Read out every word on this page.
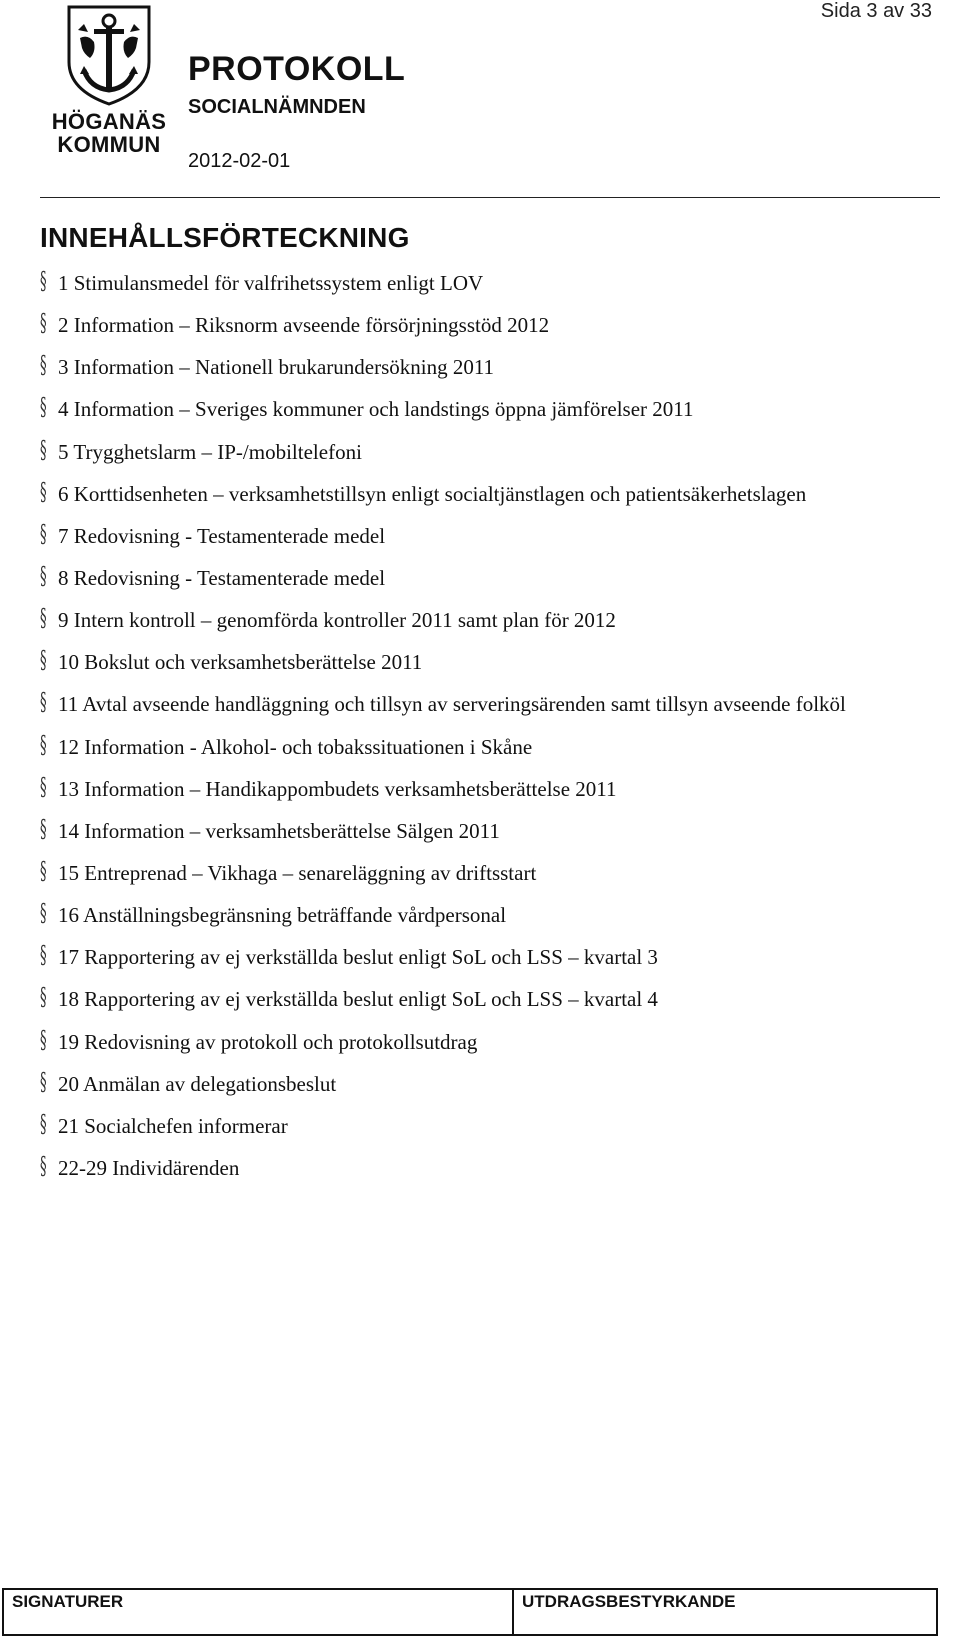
Sida 3 av 33
HÖGANÄS
KOMMUN
PROTOKOLL
SOCIALNÄMNDEN
2012-02-01
INNEHÅLLSFÖRTECKNING
§ 1 Stimulansmedel för valfrihetssystem enligt LOV
§ 2 Information – Riksnorm avseende försörjningsstöd 2012
§ 3 Information – Nationell brukarundersökning 2011
§ 4 Information – Sveriges kommuner och landstings öppna jämförelser 2011
§ 5 Trygghetslarm – IP-/mobiltelefoni
§ 6 Korttidsenheten – verksamhetstillsyn enligt socialtjänstlagen och patientsäkerhetslagen
§ 7 Redovisning - Testamenterade medel
§ 8 Redovisning - Testamenterade medel
§ 9 Intern kontroll – genomförda kontroller 2011 samt plan för 2012
§ 10 Bokslut och verksamhetsberättelse 2011
§ 11 Avtal avseende handläggning och tillsyn av serveringsärenden samt tillsyn avseende folköl
§ 12 Information - Alkohol- och tobakssituationen i Skåne
§ 13 Information – Handikappombudets verksamhetsberättelse 2011
§ 14 Information – verksamhetsberättelse Sälgen 2011
§ 15 Entreprenad – Vikhaga – senareläggning av driftsstart
§ 16 Anställningsbegränsning beträffande vårdpersonal
§ 17 Rapportering av ej verkställda beslut enligt SoL och LSS – kvartal 3
§ 18 Rapportering av ej verkställda beslut enligt SoL och LSS – kvartal 4
§ 19 Redovisning av protokoll och protokollsutdrag
§ 20 Anmälan av delegationsbeslut
§ 21 Socialchefen informerar
§ 22-29 Individärenden
SIGNATURER	UTDRAGSBESTYRKANDE
